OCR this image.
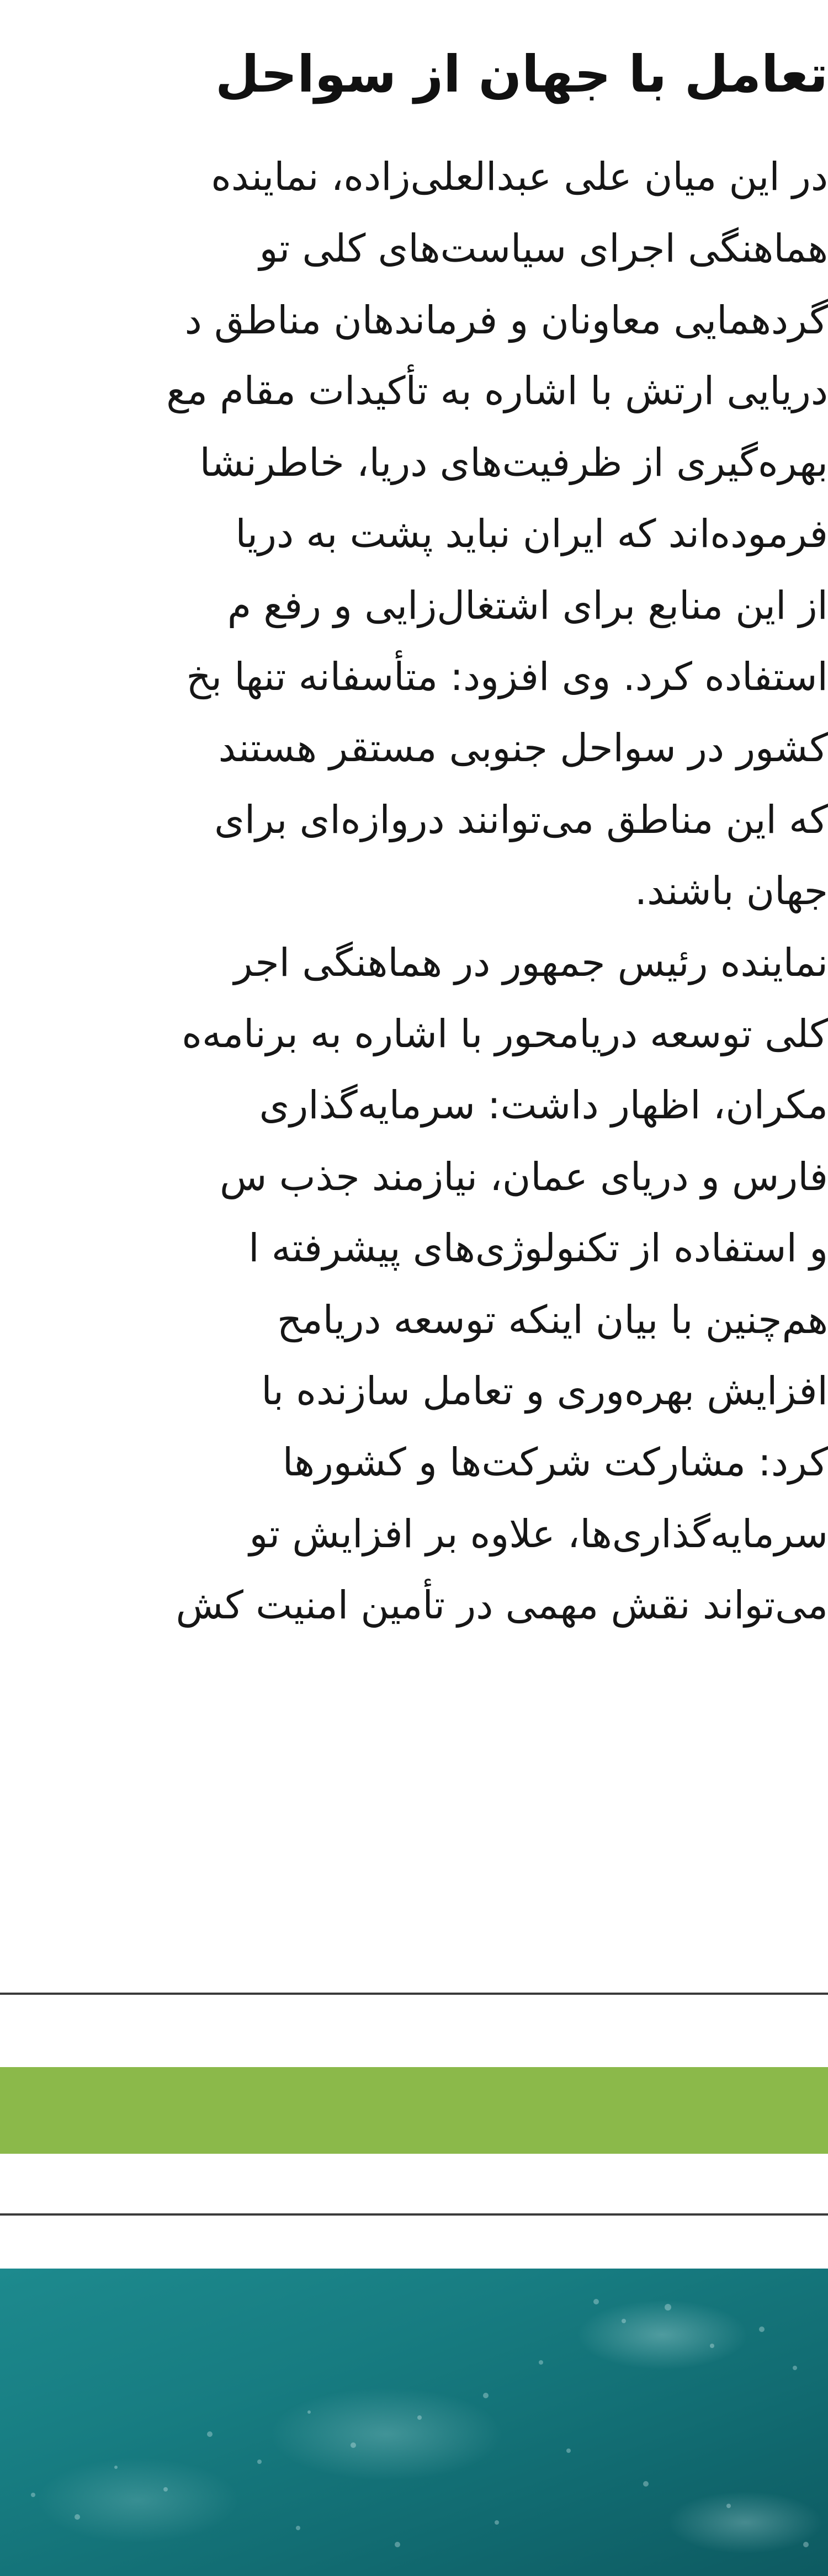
تعامل با جهان از سواحل

در این میان علی عبدالعلی‌زاده، نماینده

هماهنگی اجرای سیاست‌های کلی تو

گردهمایی معاونان و فرماندهان مناطق د

دریایی ارتش با اشاره به تأکیدات مقام مع

بهره‌گیری از ظرفیت‌های دریا، خاطرنشا

فرموده‌اند که ایران نباید پشت به دریا

از این منابع برای اشتغال‌زایی و رفع م

استفاده کرد. وی افزود: متأسفانه تنها بخ

کشور در سواحل جنوبی مستقر هستند

که این مناطق می‌توانند دروازه‌ای برای

جهان باشند.

نماینده رئیس جمهور در هماهنگی اجر

کلی توسعه دریامحور با اشاره به برنامه‌ه

مکران، اظهار داشت: سرمایه‌گذاری

فارس و دریای عمان، نیازمند جذب س

و استفاده از تکنولوژی‌های پیشرفته ا

هم‌چنین با بیان اینکه توسعه دریامح

افزایش بهره‌وری و تعامل سازنده با

کرد: مشارکت شرکت‌ها و کشورها

سرمایه‌گذاری‌ها، علاوه بر افزایش تو

می‌تواند نقش مهمی در تأمین امنیت کش
